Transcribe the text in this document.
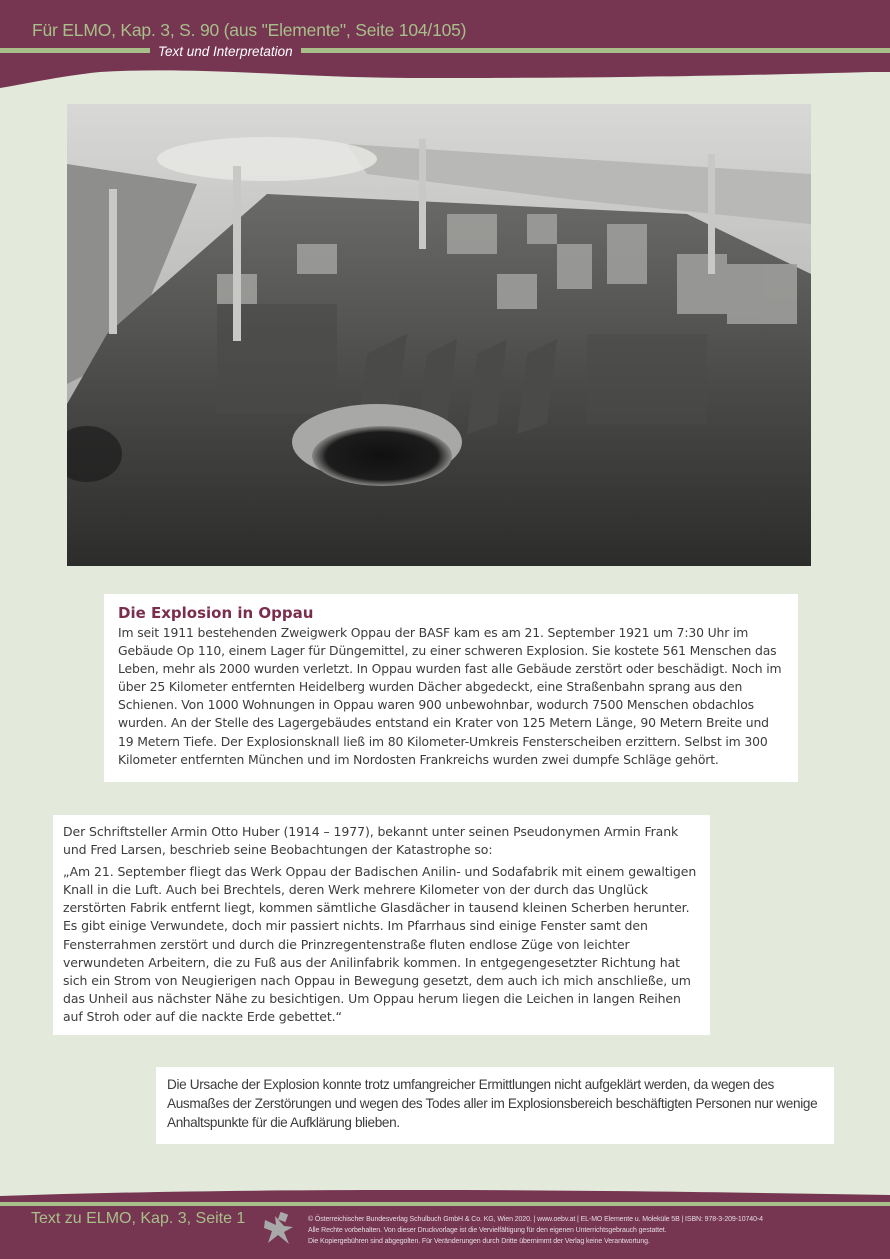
Für ELMO, Kap. 3, S. 90 (aus "Elemente", Seite 104/105)
Text und Interpretation
Die Explosion in Oppau

Im seit 1911 bestehenden Zweigwerk Oppau der BASF kam es am 21. September 1921 um 7:30 Uhr im Gebäude Op 110, einem Lager für Düngemittel, zu einer schweren Explosion. Sie kostete 561 Menschen das Leben, mehr als 2000 wurden verletzt. In Oppau wurden fast alle Gebäude zerstört oder beschädigt. Noch im über 25 Kilometer entfernten Heidelberg wurden Dächer abgedeckt, eine Straßenbahn sprang aus den Schienen. Von 1000 Wohnungen in Oppau waren 900 unbewohnbar, wodurch 7500 Menschen obdachlos wurden. An der Stelle des Lagergebäudes entstand ein Krater von 125 Metern Länge, 90 Metern Breite und 19 Metern Tiefe. Der Explosionsknall ließ im 80 Kilometer-Umkreis Fensterscheiben erzittern. Selbst im 300 Kilometer entfernten München und im Nordosten Frankreichs wurden zwei dumpfe Schläge gehört.

Der Schriftsteller Armin Otto Huber (1914 – 1977), bekannt unter seinen Pseudonymen Armin Frank und Fred Larsen, beschrieb seine Beobachtungen der Katastrophe so:

„Am 21. September fliegt das Werk Oppau der Badischen Anilin- und Sodafabrik mit einem gewaltigen Knall in die Luft. Auch bei Brechtels, deren Werk mehrere Kilometer von der durch das Unglück zerstörten Fabrik entfernt liegt, kommen sämtliche Glasdächer in tausend kleinen Scherben herunter. Es gibt einige Verwundete, doch mir passiert nichts. Im Pfarrhaus sind einige Fenster samt den Fensterrahmen zerstört und durch die Prinzregentenstraße fluten endlose Züge von leichter verwundeten Arbeitern, die zu Fuß aus der Anilinfabrik kommen. In entgegengesetzter Richtung hat sich ein Strom von Neugierigen nach Oppau in Bewegung gesetzt, dem auch ich mich anschließe, um das Unheil aus nächster Nähe zu besichtigen. Um Oppau herum liegen die Leichen in langen Reihen auf Stroh oder auf die nackte Erde gebettet.“

Die Ursache der Explosion konnte trotz umfangreicher Ermittlungen nicht aufgeklärt werden, da wegen des Ausmaßes der Zerstörungen und wegen des Todes aller im Explosionsbereich beschäftigten Personen nur wenige Anhaltspunkte für die Aufklärung blieben.

Text zu ELMO, Kap. 3, Seite 1	© Österreichischer Bundesverlag Schulbuch GmbH & Co. KG, Wien 2020. | www.oebv.at | EL-MO Elemente u. Moleküle 5B | ISBN: 978-3-209-10740-4
Alle Rechte vorbehalten. Von dieser Druckvorlage ist die Vervielfältigung für den eigenen Unterrichtsgebrauch gestattet.
Die Kopiergebühren sind abgegolten. Für Veränderungen durch Dritte übernimmt der Verlag keine Verantwortung.
